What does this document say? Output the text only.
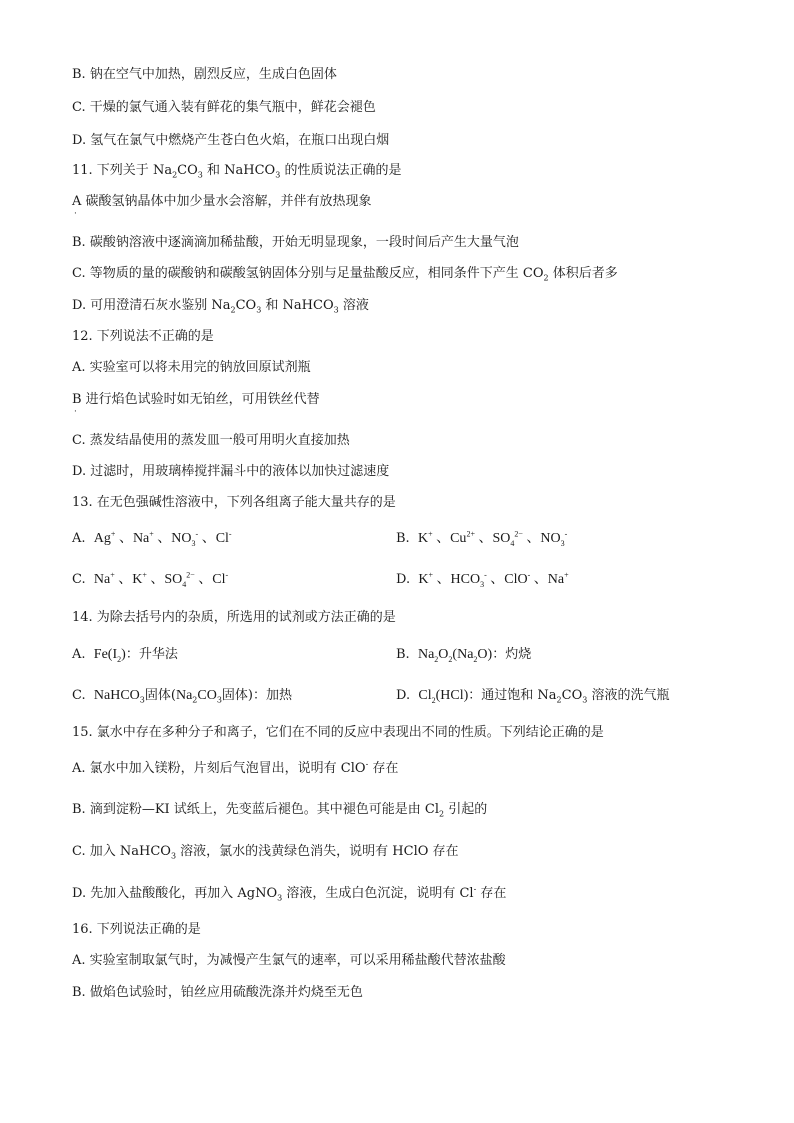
B. 钠在空气中加热，剧烈反应，生成白色固体
C. 干燥的氯气通入装有鲜花的集气瓶中，鲜花会褪色
D. 氢气在氯气中燃烧产生苍白色火焰，在瓶口出现白烟
11. 下列关于 $Na_2CO_3$ 和 NaHCO$_3$ 的性质说法正确的是
A 碳酸氢钠晶体中加少量水会溶解，并伴有放热现象
·
B. 碳酸钠溶液中逐滴滴加稀盐酸，开始无明显现象，一段时间后产生大量气泡
C. 等物质的量的碳酸钠和碳酸氢钠固体分别与足量盐酸反应，相同条件下产生 $CO_2$ 体积后者多
D. 可用澄清石灰水鉴别 $Na_2CO_3$ 和 NaHCO$_3$ 溶液
12. 下列说法不正确的是
A. 实验室可以将未用完的钠放回原试剂瓶
B 进行焰色试验时如无铂丝，可用铁丝代替
·
C. 蒸发结晶使用的蒸发皿一般可用明火直接加热
D. 过滤时，用玻璃棒搅拌漏斗中的液体以加快过滤速度
13. 在无色强碱性溶液中，下列各组离子能大量共存的是
A. Ag+ 、Na+ 、$NO_3^-$ 、Cl-	B. K+ 、$Cu^{2+}$ 、$SO_4^{2-}$ 、$NO_3^-$
C. Na+ 、K+ 、$SO_4^{2-}$ 、Cl-	D. K+ 、$HCO_3^-$ 、ClO- 、Na+
14. 为除去括号内的杂质，所选用的试剂或方法正确的是
A. $Fe(I_2)$：升华法	B. $Na_2O_2(Na_2O)$：灼烧
C. NaHCO$_3$固体($Na_2CO_3$固体)：加热	D. $Cl_2(HCl)$：通过饱和 $Na_2CO_3$ 溶液的洗气瓶
15. 氯水中存在多种分子和离子，它们在不同的反应中表现出不同的性质。下列结论正确的是
A. 氯水中加入镁粉，片刻后气泡冒出，说明有 ClO- 存在
B. 滴到淀粉—KI 试纸上，先变蓝后褪色。其中褪色可能是由 $Cl_2$ 引起的
C. 加入 NaHCO$_3$ 溶液，氯水的浅黄绿色消失，说明有 HClO 存在
D. 先加入盐酸酸化，再加入 AgNO$_3$ 溶液，生成白色沉淀，说明有 Cl- 存在
16. 下列说法正确的是
A. 实验室制取氯气时，为减慢产生氯气的速率，可以采用稀盐酸代替浓盐酸
B. 做焰色试验时，铂丝应用硫酸洗涤并灼烧至无色
